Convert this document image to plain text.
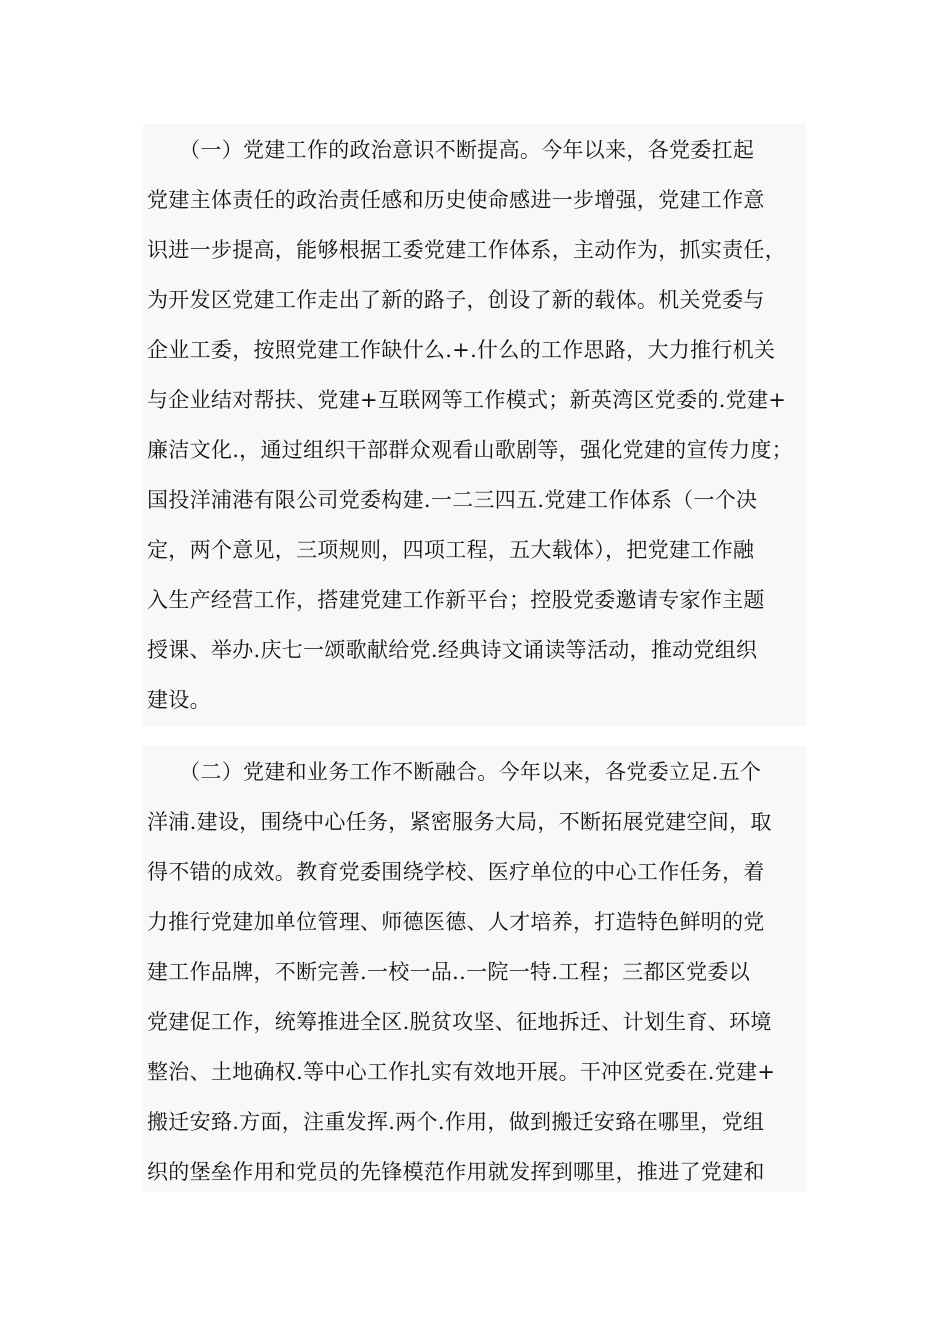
　　（一）党建工作的政治意识不断提高。今年以来，各党委扛起
党建主体责任的政治责任感和历史使命感进一步增强，党建工作意
识进一步提高，能够根据工委党建工作体系，主动作为，抓实责任，
为开发区党建工作走出了新的路子，创设了新的载体。机关党委与
企业工委，按照党建工作缺什么.+.什么的工作思路，大力推行机关
与企业结对帮扶、党建+互联网等工作模式；新英湾区党委的.党建+
廉洁文化.，通过组织干部群众观看山歌剧等，强化党建的宣传力度；
国投洋浦港有限公司党委构建.一二三四五.党建工作体系（一个决
定，两个意见，三项规则，四项工程，五大载体），把党建工作融
入生产经营工作，搭建党建工作新平台；控股党委邀请专家作主题
授课、举办.庆七一颂歌献给党.经典诗文诵读等活动，推动党组织
建设。
　　（二）党建和业务工作不断融合。今年以来，各党委立足.五个
洋浦.建设，围绕中心任务，紧密服务大局，不断拓展党建空间，取
得不错的成效。教育党委围绕学校、医疗单位的中心工作任务，着
力推行党建加单位管理、师德医德、人才培养，打造特色鲜明的党
建工作品牌，不断完善.一校一品..一院一特.工程；三都区党委以
党建促工作，统筹推进全区.脱贫攻坚、征地拆迁、计划生育、环境
整治、土地确权.等中心工作扎实有效地开展。干冲区党委在.党建+
搬迁安臵.方面，注重发挥.两个.作用，做到搬迁安臵在哪里，党组
织的堡垒作用和党员的先锋模范作用就发挥到哪里，推进了党建和
